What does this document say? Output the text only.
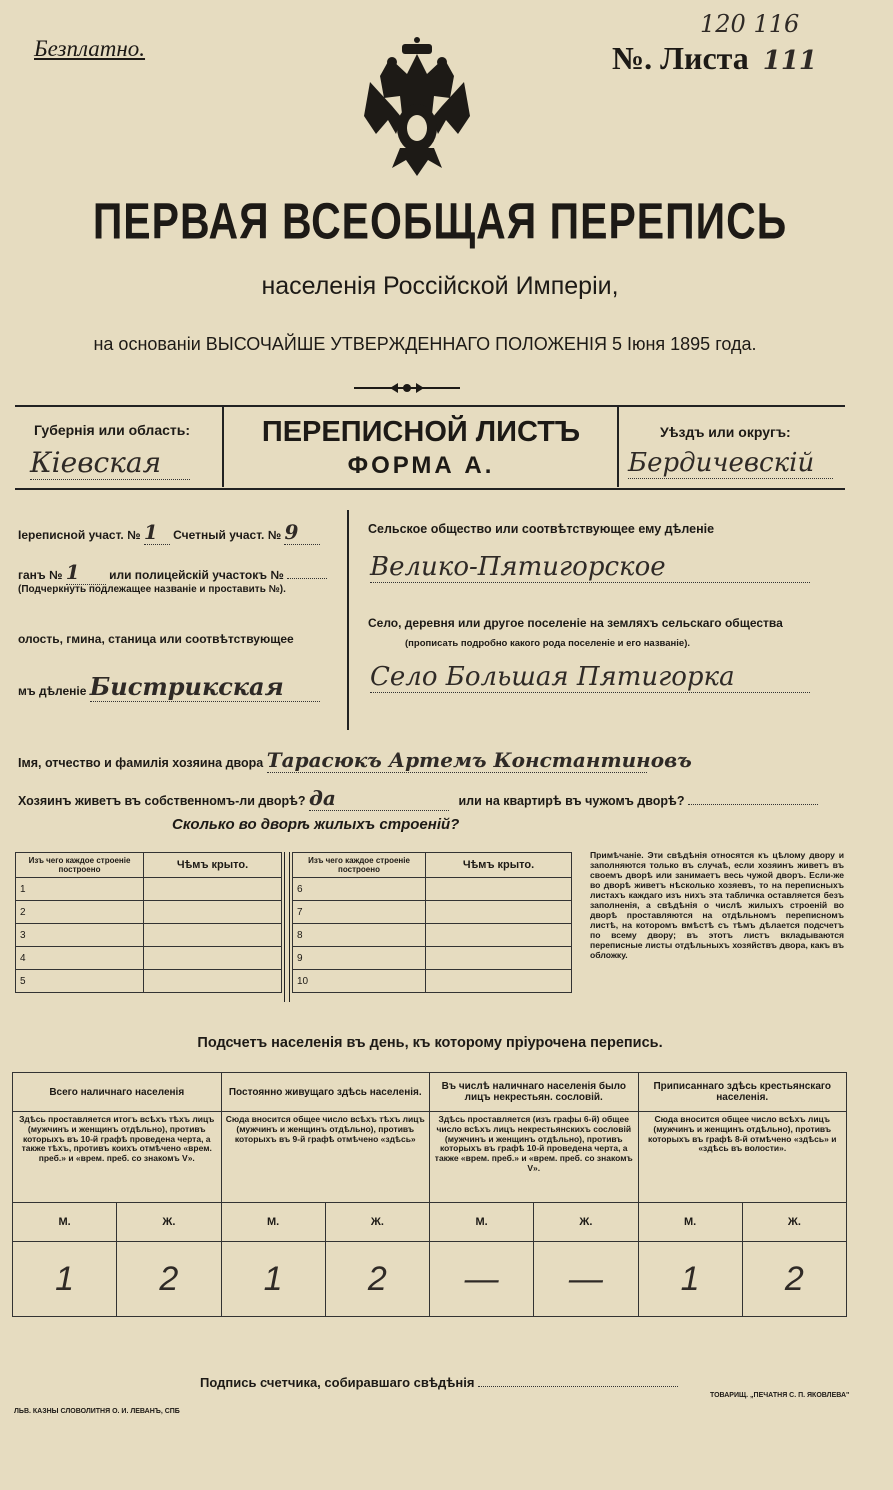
Безплатно.	№. Листа 111
120 116
ПЕРВАЯ ВСЕОБЩАЯ ПЕРЕПИСЬ
населенія Россійской Имперіи,
на основаніи ВЫСОЧАЙШЕ УТВЕРЖДЕННАГО ПОЛОЖЕНІЯ 5 Іюня 1895 года.
Губернія или область:
Кіевская
ПЕРЕПИСНОЙ ЛИСТЪ
ФОРМА А.
Уѣздъ или округъ:
Бердичевскій
Іереписной участ. № 1 Счетный участ. № 9
ганъ № 1 или полицейскій участокъ №
(Подчеркнуть подлежащее названіе и проставить №).
олость, гмина, станица или соотвѣтствующее
мъ дѣленіе Бистрикская
Сельское общество или соотвѣтствующее ему дѣленіе
Велико-Пятигорское
Село, деревня или другое поселеніе на земляхъ сельскаго общества
(прописать подробно какого рода поселеніе и его названіе).
Село Большая Пятигорка
Імя, отчество и фамилія хозяина двора Тарасюкъ Артемъ Константиновъ
Хозяинъ живетъ въ собственномъ-ли дворѣ? да	или на квартирѣ въ чужомъ дворѣ?
Сколько во дворѣ жилыхъ строеній?
Изъ чего каждое строеніе построено	Чѣмъ крыто.
1	
2	
3	
4	
5	
Изъ чего каждое строеніе построено	Чѣмъ крыто.
6	
7	
8	
9	
10	
Примѣчаніе. Эти свѣдѣнія относятся къ цѣлому двору и заполняются только въ случаѣ, если хозяинъ живетъ въ своемъ дворѣ или занимаетъ весь чужой дворъ. Если-же во дворѣ живетъ нѣсколько хозяевъ, то на переписныхъ листахъ каждаго изъ нихъ эта табличка оставляется безъ заполненія, а свѣдѣнія о числѣ жилыхъ строеній во дворѣ проставляются на отдѣльномъ переписномъ листѣ, на которомъ вмѣстѣ съ тѣмъ дѣлается подсчетъ по всему двору; въ этотъ листъ вкладываются переписные листы отдѣльныхъ хозяйствъ двора, какъ въ обложку.
Подсчетъ населенія въ день, къ которому пріурочена перепись.
Всего наличнаго населенія		Постоянно живущаго здѣсь населенія.		Въ числѣ наличнаго населенія было лицъ некрестьян. сословій.		Приписаннаго здѣсь крестьянскаго населенія.	
Здѣсь проставляется итогъ всѣхъ тѣхъ лицъ (мужчинъ и женщинъ отдѣльно), противъ которыхъ въ 10-й графѣ проведена черта, а также тѣхъ, противъ коихъ отмѣчено «врем. преб.» и «врем. преб. со знакомъ V».		Сюда вносится общее число всѣхъ тѣхъ лицъ (мужчинъ и женщинъ отдѣльно), противъ которыхъ въ 9-й графѣ отмѣчено «здѣсь»		Здѣсь проставляется (изъ графы 6-й) общее число всѣхъ лицъ некрестьянскихъ сословій (мужчинъ и женщинъ отдѣльно), противъ которыхъ въ графѣ 10-й проведена черта, а также «врем. преб.» и «врем. преб. со знакомъ V».		Сюда вносится общее число всѣхъ лицъ (мужчинъ и женщинъ отдѣльно), противъ которыхъ въ графѣ 8-й отмѣчено «здѣсь» и «здѣсь въ волости».	
М.	Ж.	М.	Ж.	М.	Ж.	М.	Ж.
1	2	1	2	—	—	1	2
Подпись счетчика, собиравшаго свѣдѣнія
ЛЬВ. КАЗНЫ СЛОВОЛИТНЯ О. И. ЛЕВАНЪ, СПБ
ТОВАРИЩ. „ПЕЧАТНЯ С. П. ЯКОВЛЕВА"
